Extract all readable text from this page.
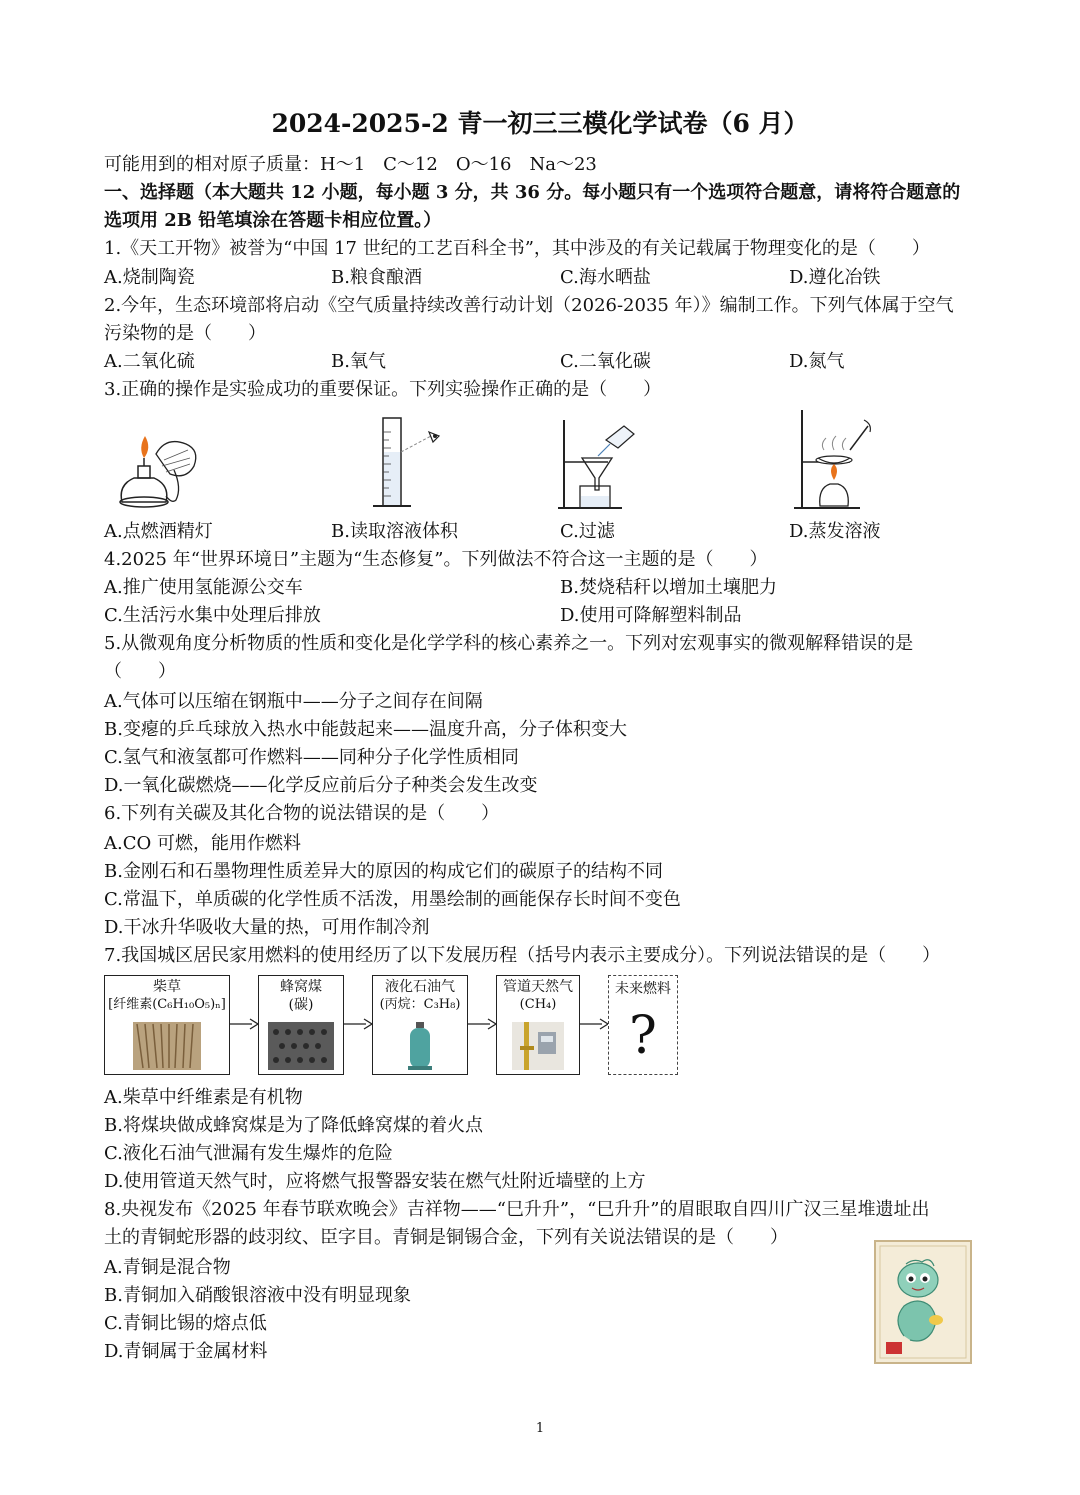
2024-2025-2 青一初三三模化学试卷（6 月）
可能用到的相对原子质量：H～1　C～12　O～16　Na～23
一、选择题（本大题共 12 小题，每小题 3 分，共 36 分。每小题只有一个选项符合题意，请将符合题意的
选项用 2B 铅笔填涂在答题卡相应位置。）
1.《天工开物》被誉为“中国 17 世纪的工艺百科全书”，其中涉及的有关记载属于物理变化的是（　　）
A.烧制陶瓷	B.粮食酿酒	C.海水晒盐	D.遵化冶铁
2.今年，生态环境部将启动《空气质量持续改善行动计划（2026-2035 年）》编制工作。下列气体属于空气
污染物的是（　　）
A.二氧化硫	B.氧气	C.二氧化碳	D.氮气
3.正确的操作是实验成功的重要保证。下列实验操作正确的是（　　）
A.点燃酒精灯	B.读取溶液体积	C.过滤	D.蒸发溶液
4.2025 年“世界环境日”主题为“生态修复”。下列做法不符合这一主题的是（　　）
A.推广使用氢能源公交车	B.焚烧秸秆以增加土壤肥力
C.生活污水集中处理后排放	D.使用可降解塑料制品
5.从微观角度分析物质的性质和变化是化学学科的核心素养之一。下列对宏观事实的微观解释错误的是
（　　）
A.气体可以压缩在钢瓶中——分子之间存在间隔
B.变瘪的乒乓球放入热水中能鼓起来——温度升高，分子体积变大
C.氢气和液氢都可作燃料——同种分子化学性质相同
D.一氧化碳燃烧——化学反应前后分子种类会发生改变
6.下列有关碳及其化合物的说法错误的是（　　）
A.CO 可燃，能用作燃料
B.金刚石和石墨物理性质差异大的原因的构成它们的碳原子的结构不同
C.常温下，单质碳的化学性质不活泼，用墨绘制的画能保存长时间不变色
D.干冰升华吸收大量的热，可用作制冷剂
7.我国城区居民家用燃料的使用经历了以下发展历程（括号内表示主要成分）。下列说法错误的是（　　）
柴草
[纤维素(C₆H₁₀O₅)ₙ]
蜂窝煤
(碳)
液化石油气
(丙烷：C₃H₈)
管道天然气
(CH₄)
未来燃料
?
A.柴草中纤维素是有机物
B.将煤块做成蜂窝煤是为了降低蜂窝煤的着火点
C.液化石油气泄漏有发生爆炸的危险
D.使用管道天然气时，应将燃气报警器安装在燃气灶附近墙壁的上方
8.央视发布《2025 年春节联欢晚会》吉祥物——“巳升升”，“巳升升”的眉眼取自四川广汉三星堆遗址出
土的青铜蛇形器的歧羽纹、臣字目。青铜是铜锡合金，下列有关说法错误的是（　　）
A.青铜是混合物
B.青铜加入硝酸银溶液中没有明显现象
C.青铜比锡的熔点低
D.青铜属于金属材料
1
